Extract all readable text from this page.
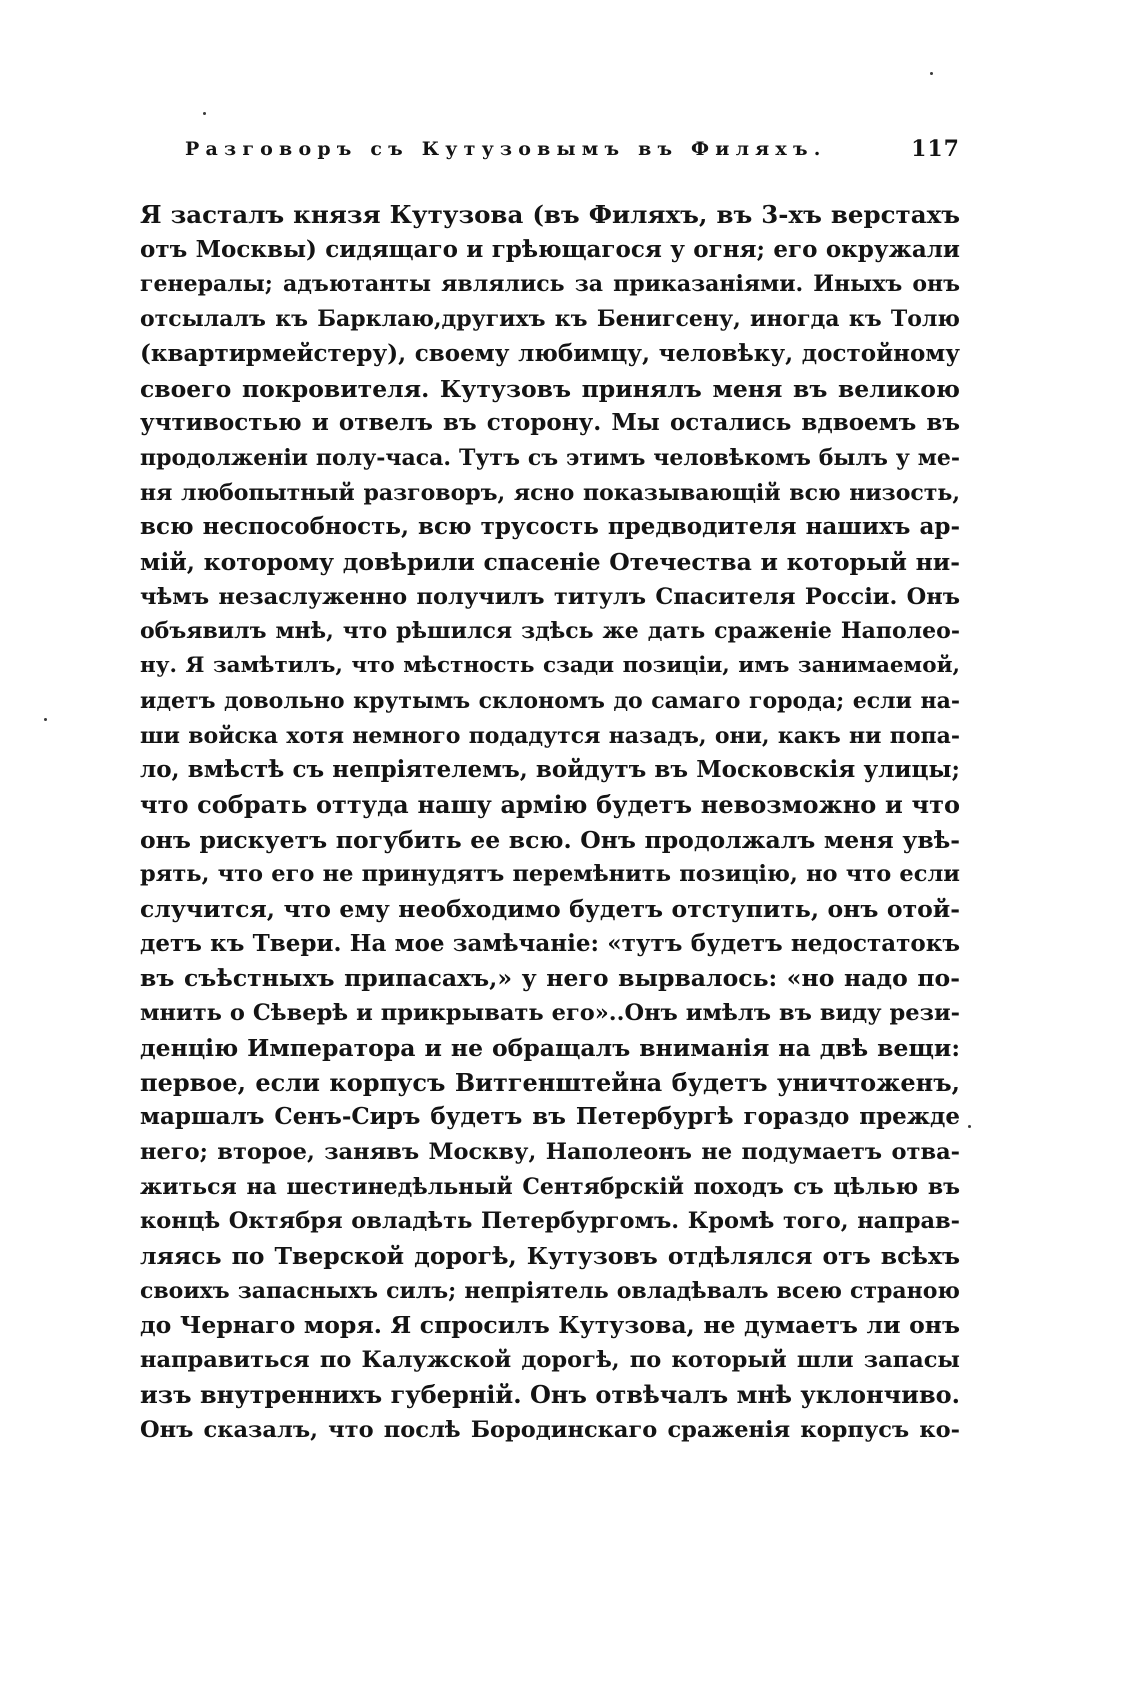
Разговоръ съ Кутузовымъ въ Филяхъ.	117
Я засталъ князя Кутузова (въ Филяхъ, въ 3-хъ верстахъ
отъ Москвы) сидящаго и грѣющагося у огня; его окружали
генералы; адъютанты являлись за приказаніями. Иныхъ онъ
отсылалъ къ Барклаю,другихъ къ Бенигсену, иногда къ Толю
(квартирмейстеру), своему любимцу, человѣку, достойному
своего покровителя. Кутузовъ принялъ меня въ великою
учтивостью и отвелъ въ сторону. Мы остались вдвоемъ въ
продолженіи полу-часа. Тутъ съ этимъ человѣкомъ былъ у ме-
ня любопытный разговоръ, ясно показывающій всю низость,
всю неспособность, всю трусость предводителя нашихъ ар-
мій, которому довѣрили спасеніе Отечества и который ни-
чѣмъ незаслуженно получилъ титулъ Спасителя Россіи. Онъ
объявилъ мнѣ, что рѣшился здѣсь же дать сраженіе Наполео-
ну. Я замѣтилъ, что мѣстность сзади позиціи, имъ занимаемой,
идетъ довольно крутымъ склономъ до самаго города; если на-
ши войска хотя немного подадутся назадъ, они, какъ ни попа-
ло, вмѣстѣ съ непріятелемъ, войдутъ въ Московскія улицы;
что собрать оттуда нашу армію будетъ невозможно и что
онъ рискуетъ погубить ее всю. Онъ продолжалъ меня увѣ-
рять, что его не принудятъ перемѣнить позицію, но что если
случится, что ему необходимо будетъ отступить, онъ отой-
детъ къ Твери. На мое замѣчаніе: «тутъ будетъ недостатокъ
въ съѣстныхъ припасахъ,» у него вырвалось: «но надо по-
мнить о Сѣверѣ и прикрывать его»..Онъ имѣлъ въ виду рези-
денцію Императора и не обращалъ вниманія на двѣ вещи:
первое, если корпусъ Витгенштейна будетъ уничтоженъ,
маршалъ Сенъ-Сиръ будетъ въ Петербургѣ гораздо прежде
него; второе, занявъ Москву, Наполеонъ не подумаетъ отва-
житься на шестинедѣльный Сентябрскій походъ съ цѣлью въ
концѣ Октября овладѣть Петербургомъ. Кромѣ того, направ-
ляясь по Тверской дорогѣ, Кутузовъ отдѣлялся отъ всѣхъ
своихъ запасныхъ силъ; непріятель овладѣвалъ всею страною
до Чернаго моря. Я спросилъ Кутузова, не думаетъ ли онъ
направиться по Калужской дорогѣ, по который шли запасы
изъ внутреннихъ губерній. Онъ отвѣчалъ мнѣ уклончиво.
Онъ сказалъ, что послѣ Бородинскаго сраженія корпусъ ко-
